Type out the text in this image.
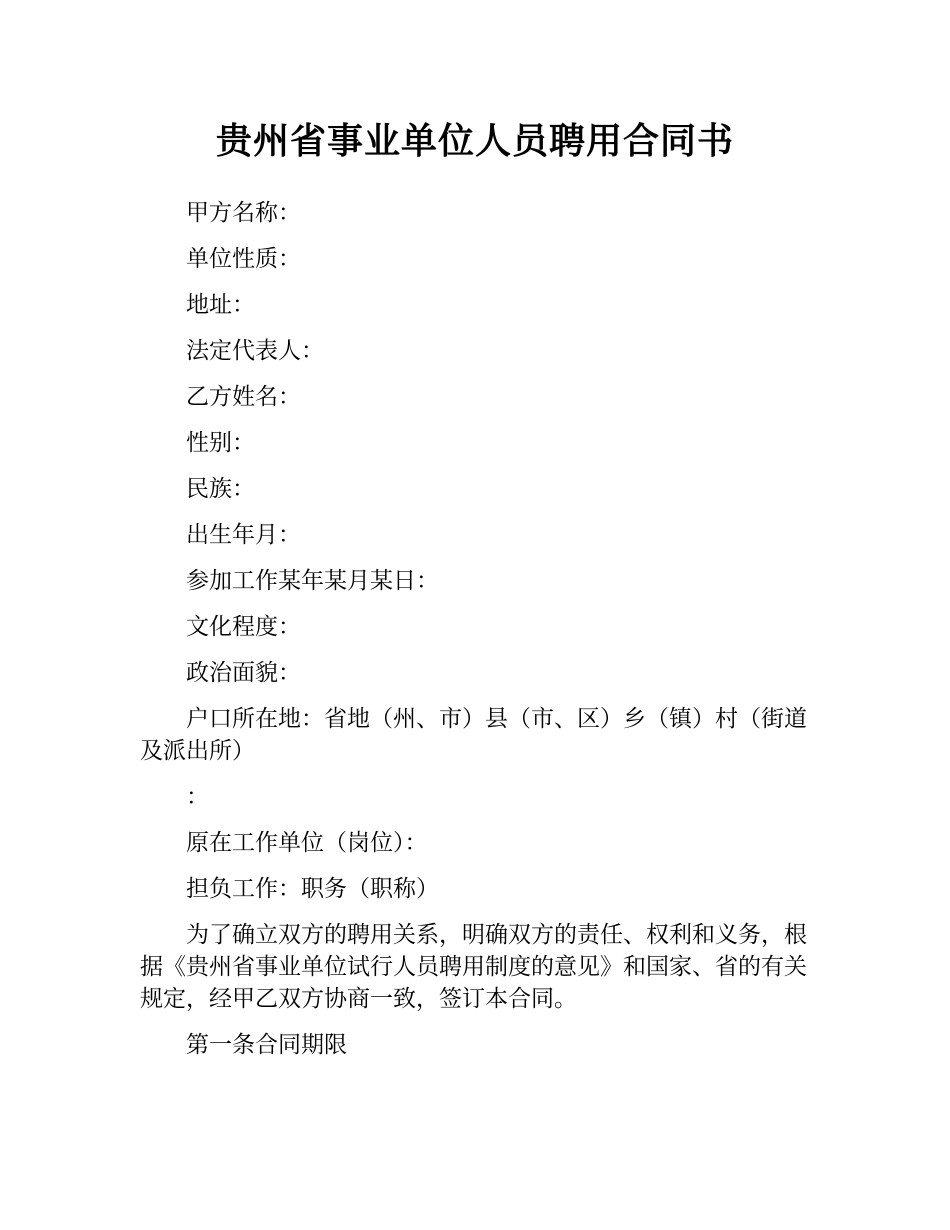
贵州省事业单位人员聘用合同书

甲方名称：

单位性质：

地址：

法定代表人：

乙方姓名：

性别：

民族：

出生年月：

参加工作某年某月某日：

文化程度：

政治面貌：

户口所在地：省地（州、市）县（市、区）乡（镇）村（街道及派出所）

：

原在工作单位（岗位）：

担负工作：职务（职称）

为了确立双方的聘用关系，明确双方的责任、权利和义务，根据《贵州省事业单位试行人员聘用制度的意见》和国家、省的有关规定，经甲乙双方协商一致，签订本合同。

第一条合同期限
